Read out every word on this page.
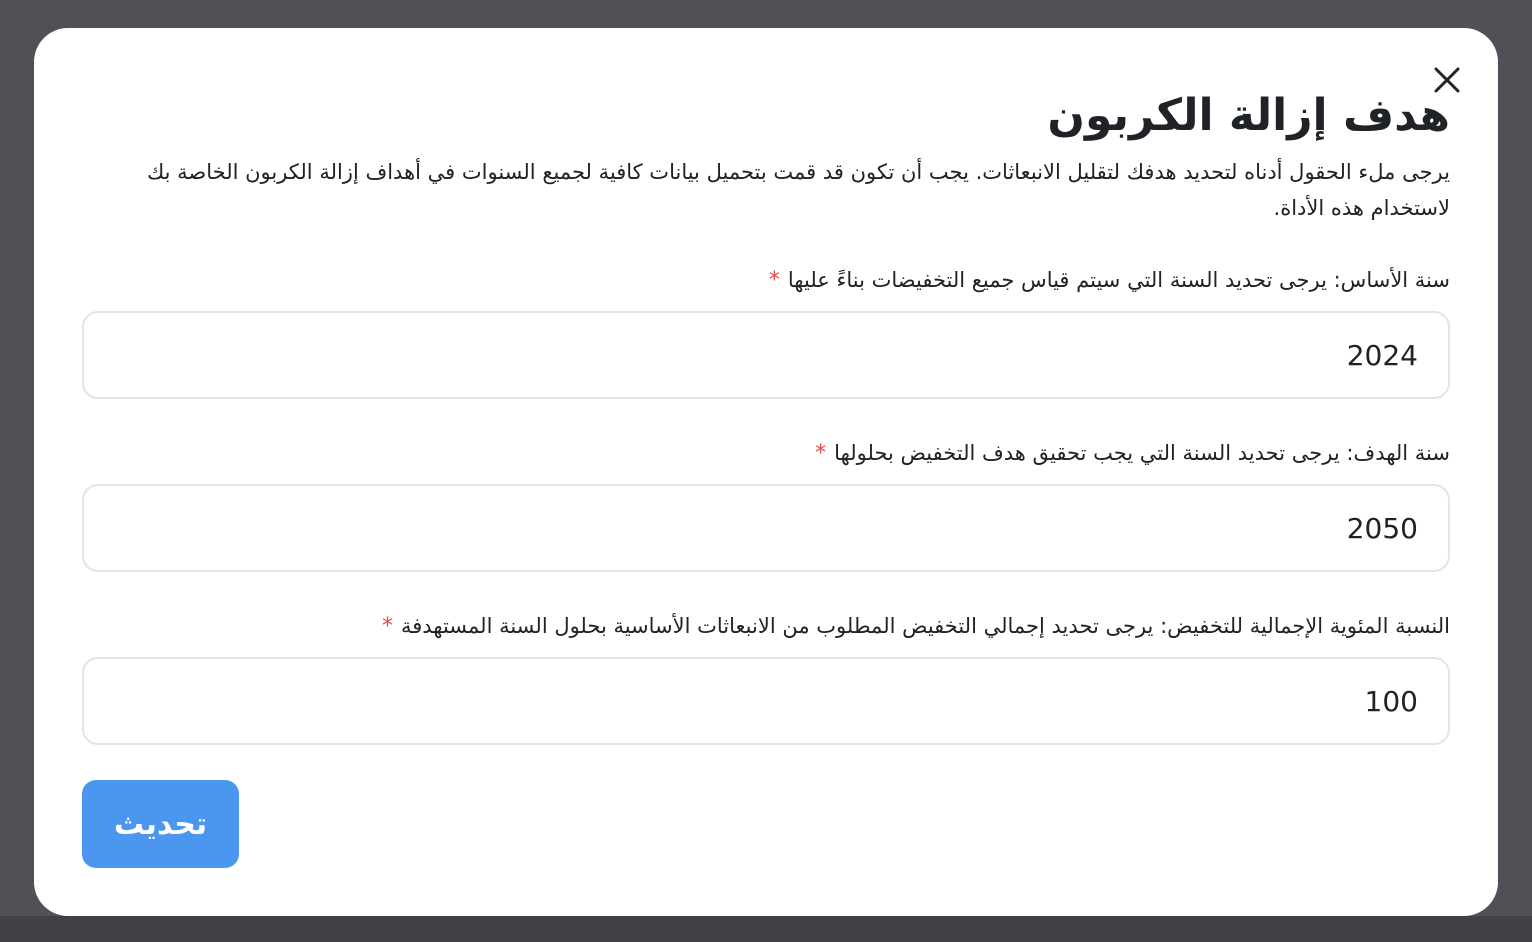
هدف إزالة الكربون

يرجى ملء الحقول أدناه لتحديد هدفك لتقليل الانبعاثات. يجب أن تكون قد قمت بتحميل بيانات كافية لجميع السنوات في أهداف إزالة الكربون الخاصة بك لاستخدام هذه الأداة.

سنة الأساس: يرجى تحديد السنة التي سيتم قياس جميع التخفيضات بناءً عليها*
2024
سنة الهدف: يرجى تحديد السنة التي يجب تحقيق هدف التخفيض بحلولها*
2050
النسبة المئوية الإجمالية للتخفيض: يرجى تحديد إجمالي التخفيض المطلوب من الانبعاثات الأساسية بحلول السنة المستهدفة*
100
تحديث
